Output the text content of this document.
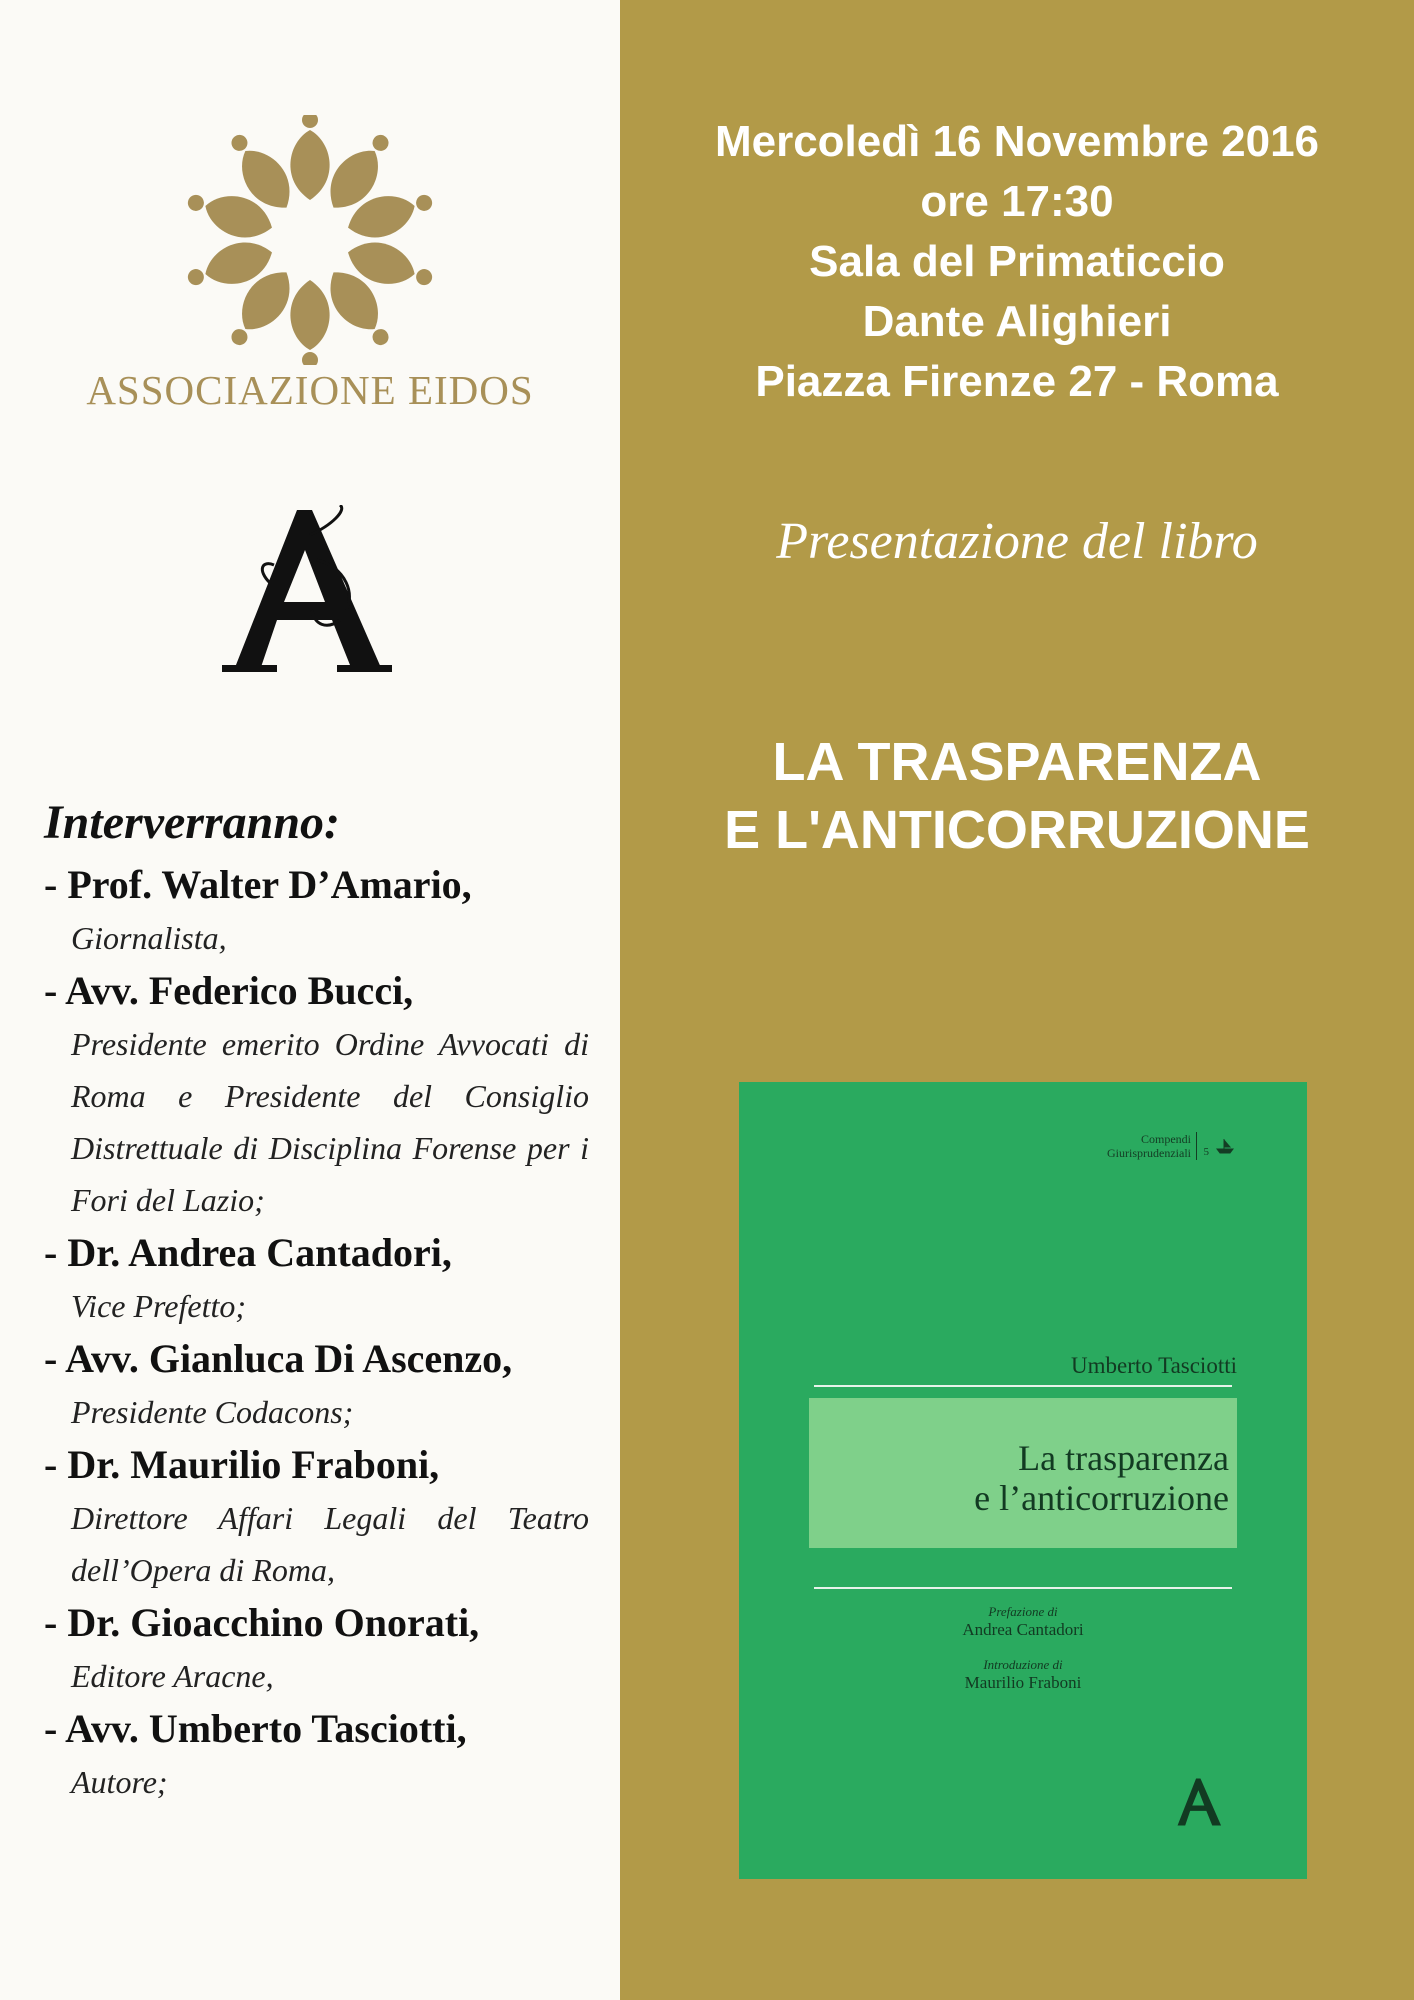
ASSOCIAZIONE EIDOS
Interverranno:
- Prof. Walter D’Amario,
Giornalista,
- Avv. Federico Bucci,
Presidente emerito Ordine Avvocati di Roma e Presidente del Consiglio Distrettuale di Disciplina Forense per i Fori del Lazio;
- Dr. Andrea Cantadori,
Vice Prefetto;
- Avv. Gianluca Di Ascenzo,
Presidente Codacons;
- Dr. Maurilio Fraboni,
Direttore Affari Legali del Teatro dell’Opera di Roma,
- Dr. Gioacchino Onorati,
Editore Aracne,
- Avv. Umberto Tasciotti,
Autore;
Mercoledì 16 Novembre 2016
ore 17:30
Sala del Primaticcio
Dante Alighieri
Piazza Firenze 27 - Roma
Presentazione del libro
LA TRASPARENZA
E L'ANTICORRUZIONE
Compendi
Giurisprudenziali 5
Umberto Tasciotti
La trasparenza
e l’anticorruzione
Prefazione di
Andrea Cantadori
Introduzione di
Maurilio Fraboni
